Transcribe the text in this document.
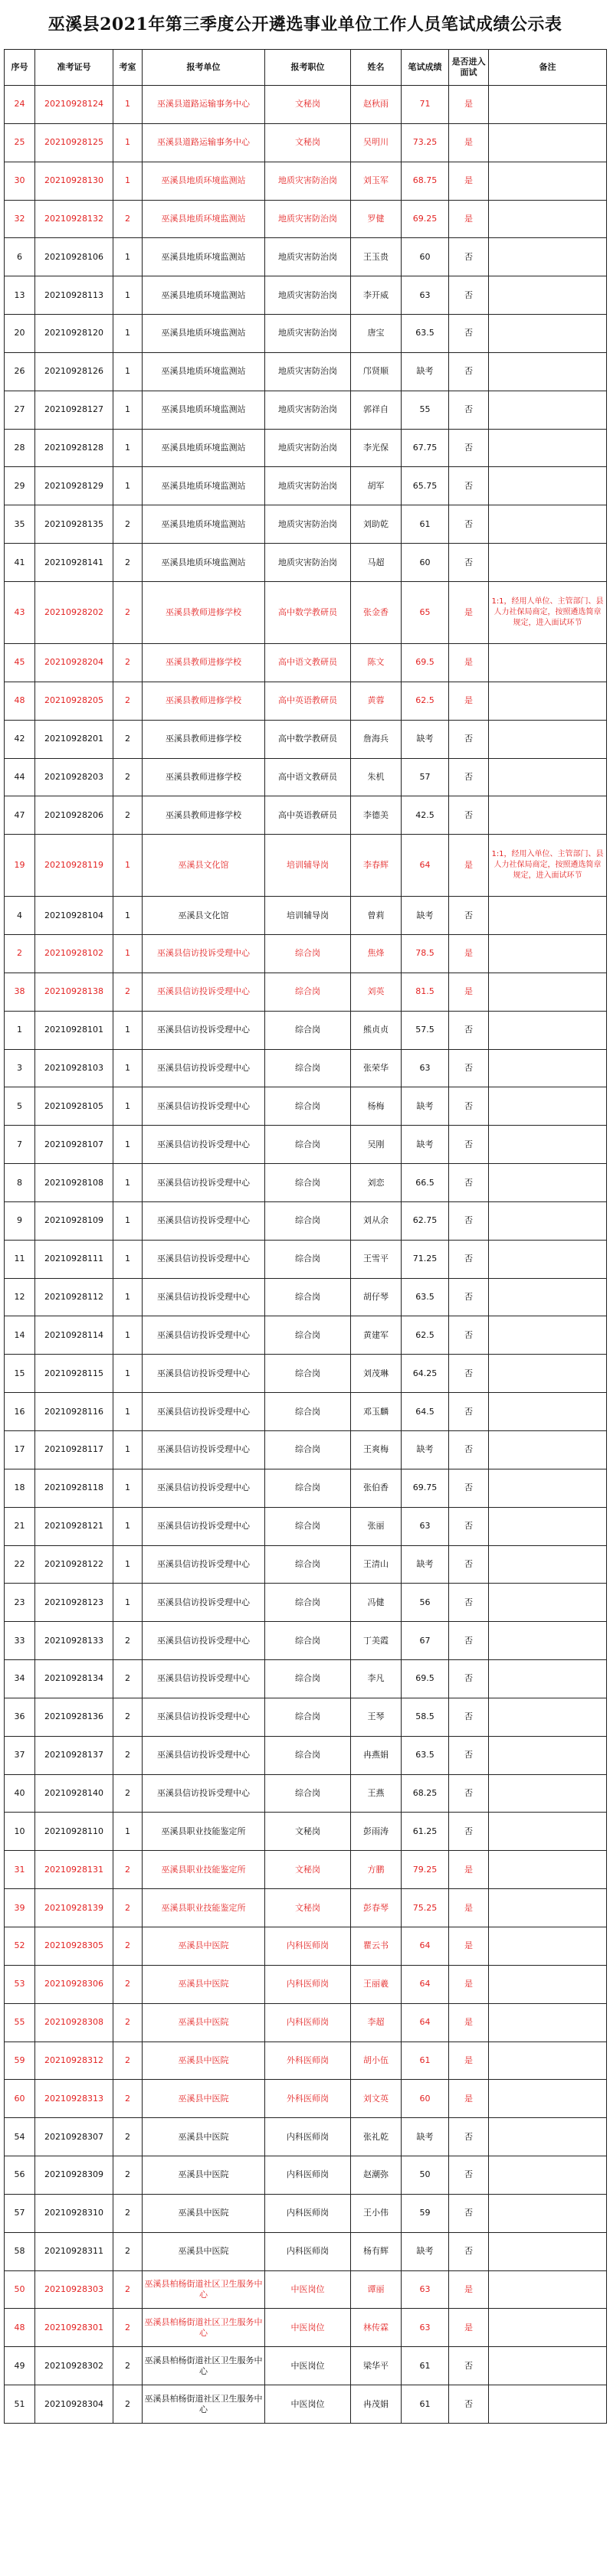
巫溪县2021年第三季度公开遴选事业单位工作人员笔试成绩公示表
序号	准考证号	考室	报考单位	报考职位	姓名	笔试成绩	是否进入面试	备注
24	20210928124	1	巫溪县道路运输事务中心	文秘岗	赵秋雨	71	是	
25	20210928125	1	巫溪县道路运输事务中心	文秘岗	吴明川	73.25	是	
30	20210928130	1	巫溪县地质环境监测站	地质灾害防治岗	刘玉军	68.75	是	
32	20210928132	2	巫溪县地质环境监测站	地质灾害防治岗	罗健	69.25	是	
6	20210928106	1	巫溪县地质环境监测站	地质灾害防治岗	王玉贵	60	否	
13	20210928113	1	巫溪县地质环境监测站	地质灾害防治岗	李开威	63	否	
20	20210928120	1	巫溪县地质环境监测站	地质灾害防治岗	唐宝	63.5	否	
26	20210928126	1	巫溪县地质环境监测站	地质灾害防治岗	邝贤顺	缺考	否	
27	20210928127	1	巫溪县地质环境监测站	地质灾害防治岗	郭祥自	55	否	
28	20210928128	1	巫溪县地质环境监测站	地质灾害防治岗	李光保	67.75	否	
29	20210928129	1	巫溪县地质环境监测站	地质灾害防治岗	胡军	65.75	否	
35	20210928135	2	巫溪县地质环境监测站	地质灾害防治岗	刘助乾	61	否	
41	20210928141	2	巫溪县地质环境监测站	地质灾害防治岗	马超	60	否	
43	20210928202	2	巫溪县教师进修学校	高中数学教研员	张金香	65	是	1:1，经用人单位、主管部门、县人力社保局商定，按照遴选简章规定，进入面试环节
45	20210928204	2	巫溪县教师进修学校	高中语文教研员	陈文	69.5	是	
48	20210928205	2	巫溪县教师进修学校	高中英语教研员	黄蓉	62.5	是	
42	20210928201	2	巫溪县教师进修学校	高中数学教研员	詹海兵	缺考	否	
44	20210928203	2	巫溪县教师进修学校	高中语文教研员	朱机	57	否	
47	20210928206	2	巫溪县教师进修学校	高中英语教研员	李德美	42.5	否	
19	20210928119	1	巫溪县文化馆	培训辅导岗	李春辉	64	是	1:1，经用入单位、主管部门、县人力社保局商定，按照遴选简章规定，进入面试环节
4	20210928104	1	巫溪县文化馆	培训辅导岗	曾莉	缺考	否	
2	20210928102	1	巫溪县信访投诉受理中心	综合岗	焦烽	78.5	是	
38	20210928138	2	巫溪县信访投诉受理中心	综合岗	刘英	81.5	是	
1	20210928101	1	巫溪县信访投诉受理中心	综合岗	熊贞贞	57.5	否	
3	20210928103	1	巫溪县信访投诉受理中心	综合岗	张荣华	63	否	
5	20210928105	1	巫溪县信访投诉受理中心	综合岗	杨梅	缺考	否	
7	20210928107	1	巫溪县信访投诉受理中心	综合岗	吴刚	缺考	否	
8	20210928108	1	巫溪县信访投诉受理中心	综合岗	刘恋	66.5	否	
9	20210928109	1	巫溪县信访投诉受理中心	综合岗	刘从余	62.75	否	
11	20210928111	1	巫溪县信访投诉受理中心	综合岗	王雪平	71.25	否	
12	20210928112	1	巫溪县信访投诉受理中心	综合岗	胡仔琴	63.5	否	
14	20210928114	1	巫溪县信访投诉受理中心	综合岗	黄建军	62.5	否	
15	20210928115	1	巫溪县信访投诉受理中心	综合岗	刘茂琳	64.25	否	
16	20210928116	1	巫溪县信访投诉受理中心	综合岗	邓玉麟	64.5	否	
17	20210928117	1	巫溪县信访投诉受理中心	综合岗	王爽梅	缺考	否	
18	20210928118	1	巫溪县信访投诉受理中心	综合岗	张伯香	69.75	否	
21	20210928121	1	巫溪县信访投诉受理中心	综合岗	张丽	63	否	
22	20210928122	1	巫溪县信访投诉受理中心	综合岗	王清山	缺考	否	
23	20210928123	1	巫溪县信访投诉受理中心	综合岗	冯健	56	否	
33	20210928133	2	巫溪县信访投诉受理中心	综合岗	丁美霞	67	否	
34	20210928134	2	巫溪县信访投诉受理中心	综合岗	李凡	69.5	否	
36	20210928136	2	巫溪县信访投诉受理中心	综合岗	王琴	58.5	否	
37	20210928137	2	巫溪县信访投诉受理中心	综合岗	冉燕娟	63.5	否	
40	20210928140	2	巫溪县信访投诉受理中心	综合岗	王燕	68.25	否	
10	20210928110	1	巫溪县职业技能鉴定所	文秘岗	彭雨涛	61.25	否	
31	20210928131	2	巫溪县职业技能鉴定所	文秘岗	方鹏	79.25	是	
39	20210928139	2	巫溪县职业技能鉴定所	文秘岗	彭春琴	75.25	是	
52	20210928305	2	巫溪县中医院	内科医师岗	瞿云书	64	是	
53	20210928306	2	巫溪县中医院	内科医师岗	王丽羲	64	是	
55	20210928308	2	巫溪县中医院	内科医师岗	李超	64	是	
59	20210928312	2	巫溪县中医院	外科医师岗	胡小伍	61	是	
60	20210928313	2	巫溪县中医院	外科医师岗	刘文英	60	是	
54	20210928307	2	巫溪县中医院	内科医师岗	张礼乾	缺考	否	
56	20210928309	2	巫溪县中医院	内科医师岗	赵潮弥	50	否	
57	20210928310	2	巫溪县中医院	内科医师岗	王小伟	59	否	
58	20210928311	2	巫溪县中医院	内科医师岗	杨有辉	缺考	否	
50	20210928303	2	巫溪县柏杨街道社区卫生服务中心	中医岗位	谭丽	63	是	
48	20210928301	2	巫溪县柏杨街道社区卫生服务中心	中医岗位	林传霖	63	是	
49	20210928302	2	巫溪县柏杨街道社区卫生服务中心	中医岗位	梁华平	61	否	
51	20210928304	2	巫溪县柏杨街道社区卫生服务中心	中医岗位	冉茂娟	61	否	
